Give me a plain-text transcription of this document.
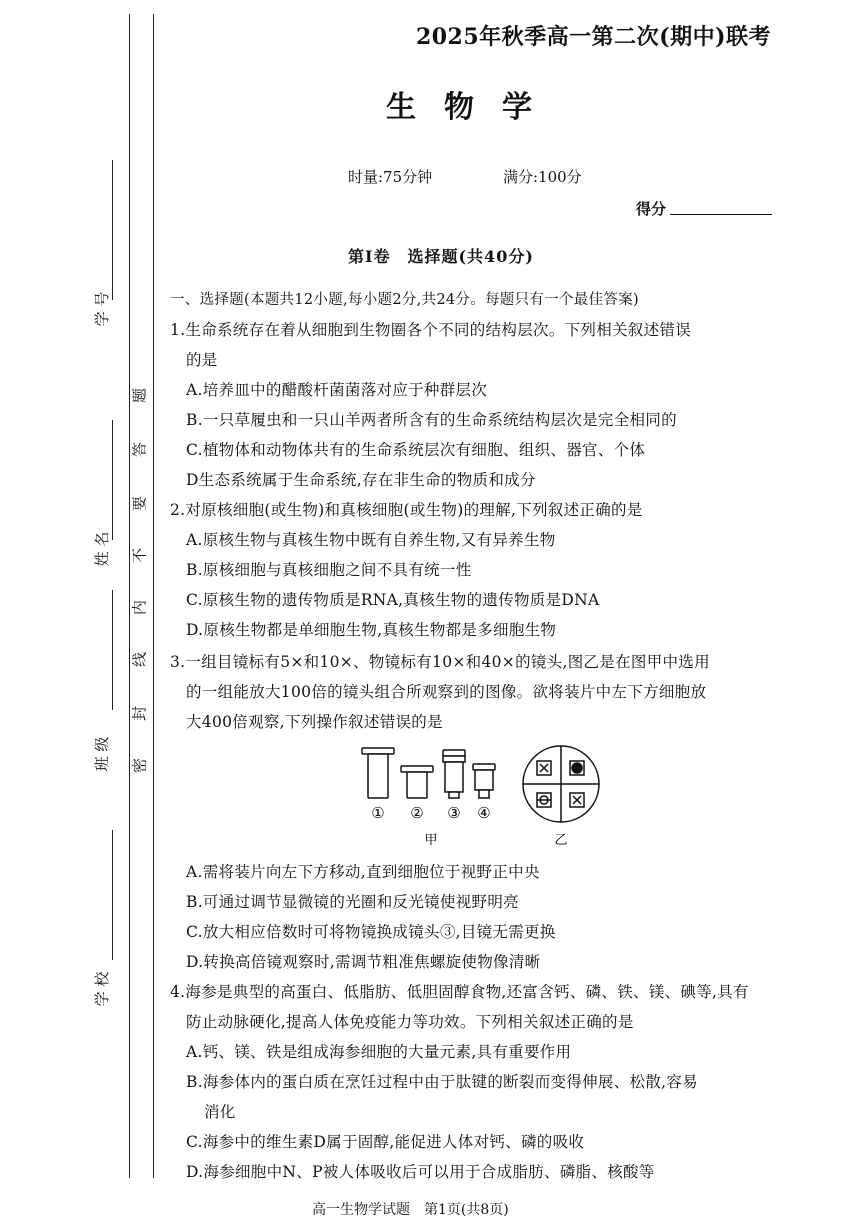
学 号
姓 名
班 级
学 校
题
答
要
不
内
线
封
密
2025年秋季高一第二次(期中)联考
生物学
时量:75分钟	满分:100分
得分
第Ⅰ卷　选择题(共40分)
一、选择题(本题共12小题,每小题2分,共24分。每题只有一个最佳答案)
1.生命系统存在着从细胞到生物圈各个不同的结构层次。下列相关叙述错误
的是
A.培养皿中的醋酸杆菌菌落对应于种群层次
B.一只草履虫和一只山羊两者所含有的生命系统结构层次是完全相同的
C.植物体和动物体共有的生命系统层次有细胞、组织、器官、个体
D生态系统属于生命系统,存在非生命的物质和成分
2.对原核细胞(或生物)和真核细胞(或生物)的理解,下列叙述正确的是
A.原核生物与真核生物中既有自养生物,又有异养生物
B.原核细胞与真核细胞之间不具有统一性
C.原核生物的遗传物质是RNA,真核生物的遗传物质是DNA
D.原核生物都是单细胞生物,真核生物都是多细胞生物
3.一组目镜标有5×和10×、物镜标有10×和40×的镜头,图乙是在图甲中选用
的一组能放大100倍的镜头组合所观察到的图像。欲将装片中左下方细胞放
大400倍观察,下列操作叙述错误的是
① ② ③ ④
甲	乙
A.需将装片向左下方移动,直到细胞位于视野正中央
B.可通过调节显微镜的光圈和反光镜使视野明亮
C.放大相应倍数时可将物镜换成镜头③,目镜无需更换
D.转换高倍镜观察时,需调节粗准焦螺旋使物像清晰
4.海参是典型的高蛋白、低脂肪、低胆固醇食物,还富含钙、磷、铁、镁、碘等,具有
防止动脉硬化,提高人体免疫能力等功效。下列相关叙述正确的是
A.钙、镁、铁是组成海参细胞的大量元素,具有重要作用
B.海参体内的蛋白质在烹饪过程中由于肽键的断裂而变得伸展、松散,容易
消化
C.海参中的维生素D属于固醇,能促进人体对钙、磷的吸收
D.海参细胞中N、P被人体吸收后可以用于合成脂肪、磷脂、核酸等
高一生物学试题　第1页(共8页)
